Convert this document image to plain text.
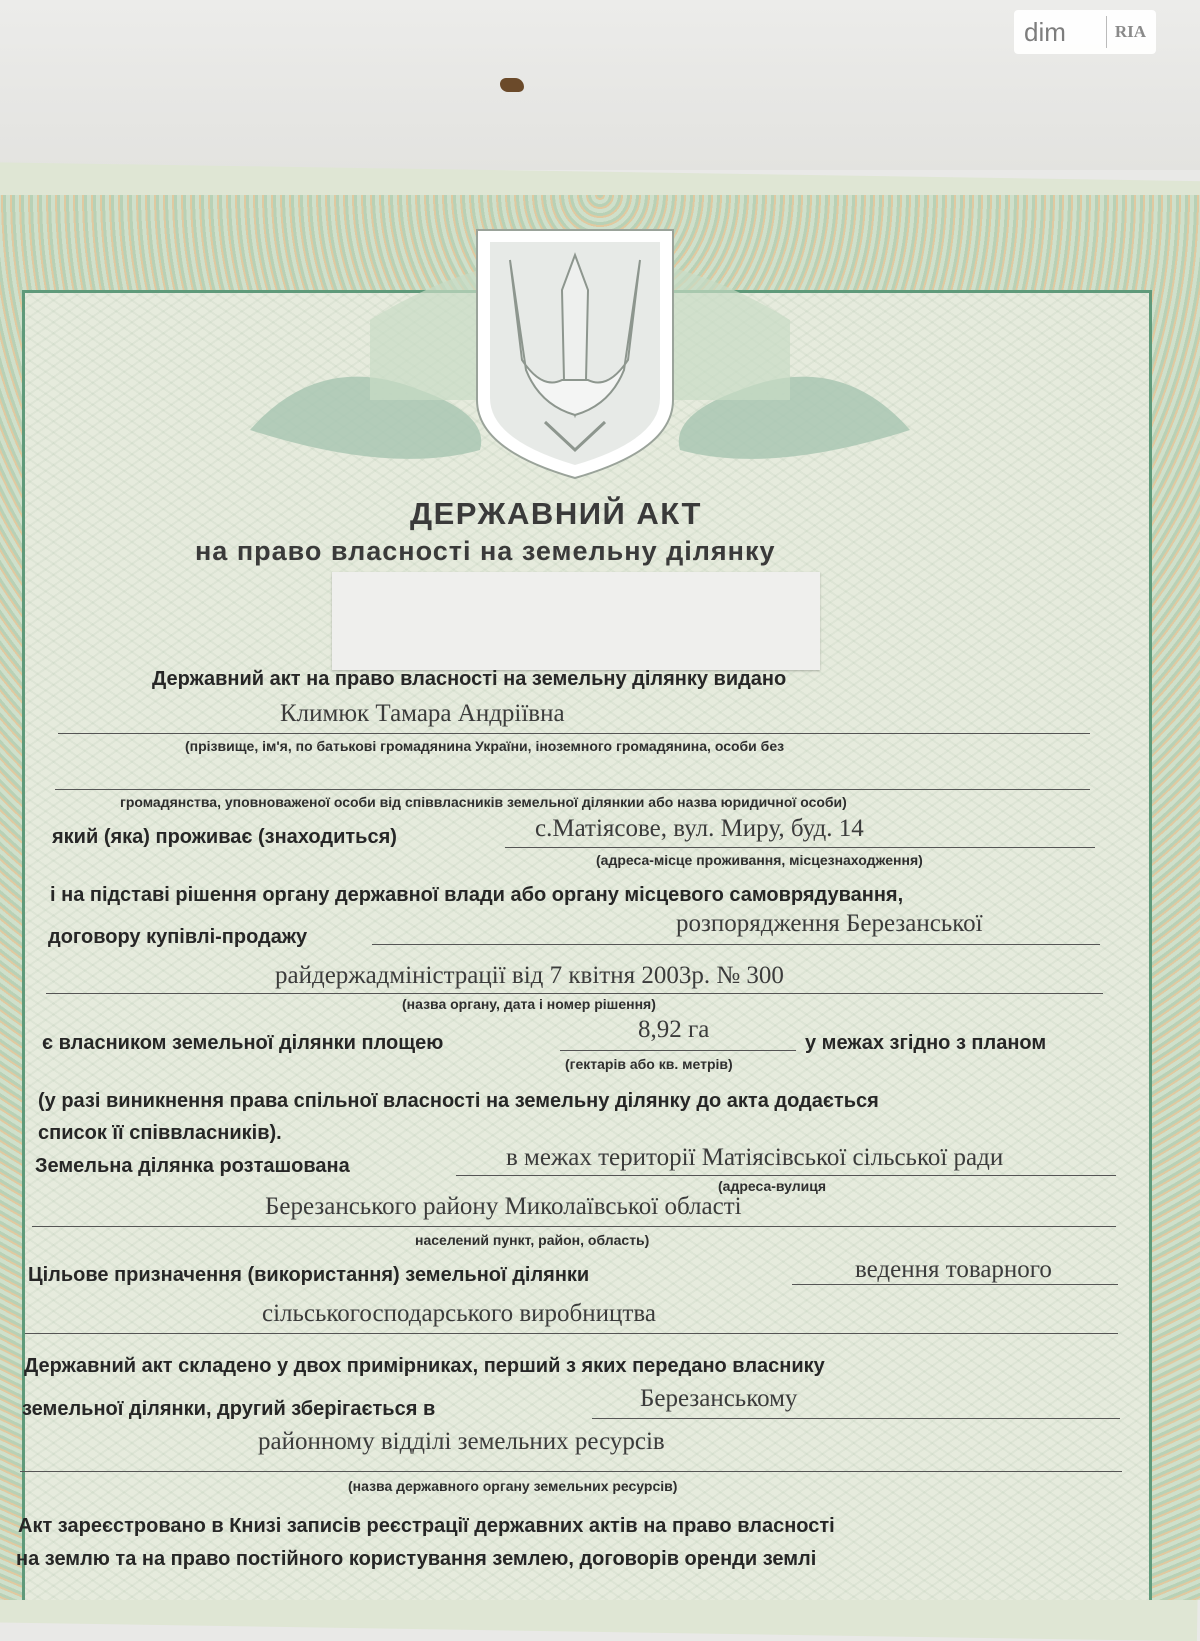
ДЕРЖАВНИЙ АКТ
на право власності на земельну ділянку
Державний акт на право власності на земельну ділянку видано
Климюк Тамара Андріївна
(прізвище, ім'я, по батькові громадянина України, іноземного громадянина, особи без
громадянства, уповноваженої особи від співвласників земельної ділянкии або назва юридичної особи)
який (яка) проживає (знаходиться)	с.Матіясове, вул. Миру, буд. 14
(адреса-місце проживання, місцезнаходження)
і на підставі рішення органу державної влади або органу місцевого самоврядування,
договору купівлі-продажу	розпорядження Березанської
райдержадміністрації від 7 квітня 2003р. № 300
(назва органу, дата і номер рішення)
є власником земельної ділянки площею	8,92 га
(гектарів або кв. метрів)
у межах згідно з планом
(у разі виникнення права спільної власності на земельну ділянку до акта додається
список її співвласників).
Земельна ділянка розташована	в межах території Матіясівської сільської ради
(адреса-вулиця
Березанського району Миколаївської області
населений пункт, район, область)
Цільове призначення (використання) земельної ділянки	ведення товарного
сільськогосподарського виробництва
Державний акт складено у двох примірниках, перший з яких передано власнику
земельної ділянки, другий зберігається в	Березанському
районному відділі земельних ресурсів
(назва державного органу земельних ресурсів)
Акт зареєстровано в Книзі записів реєстрації державних актів на право власності
на землю та на право постійного користування землею, договорів оренди землі
dim	RIA
